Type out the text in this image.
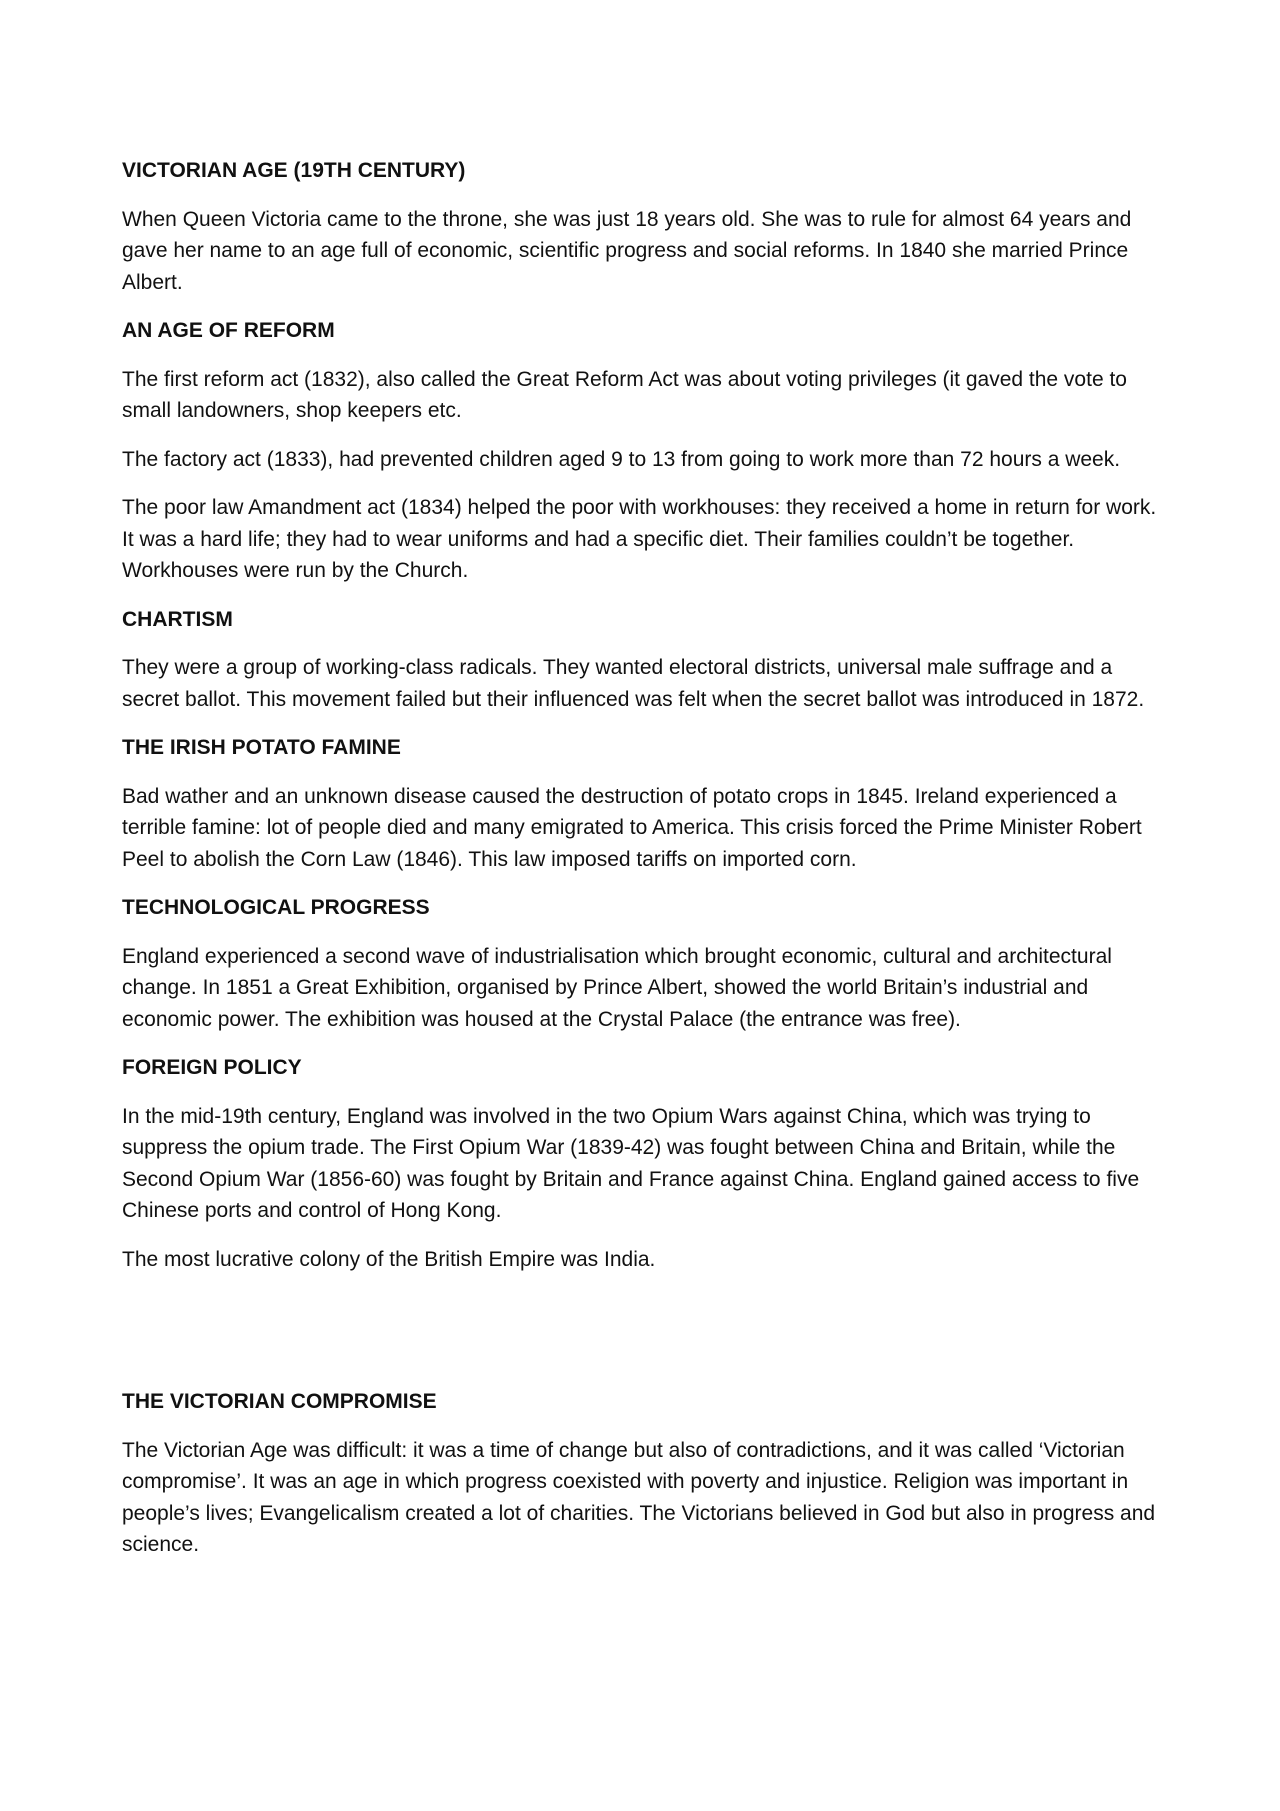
VICTORIAN AGE (19TH CENTURY)
When Queen Victoria came to the throne, she was just 18 years old. She was to rule for almost 64 years and gave her name to an age full of economic, scientific progress and social reforms. In 1840 she married Prince Albert.
AN AGE OF REFORM
The first reform act (1832), also called the Great Reform Act was about voting privileges (it gaved the vote to small landowners, shop keepers etc.
The factory act (1833), had prevented children aged 9 to 13 from going to work more than 72 hours a week.
The poor law Amandment act (1834) helped the poor with workhouses: they received a home in return for work. It was a hard life; they had to wear uniforms and had a specific diet. Their families couldn’t be together. Workhouses were run by the Church.
CHARTISM
They were a group of working-class radicals. They wanted electoral districts, universal male suffrage and a secret ballot. This movement failed but their influenced was felt when the secret ballot was introduced in 1872.
THE IRISH POTATO FAMINE
Bad wather and an unknown disease caused the destruction of potato crops in 1845. Ireland experienced a terrible famine: lot of people died and many emigrated to America. This crisis forced the Prime Minister Robert Peel to abolish the Corn Law (1846). This law imposed tariffs on imported corn.
TECHNOLOGICAL PROGRESS
England experienced a second wave of industrialisation which brought economic, cultural and architectural change. In 1851 a Great Exhibition, organised by Prince Albert, showed the world Britain’s industrial and economic power. The exhibition was housed at the Crystal Palace (the entrance was free).
FOREIGN POLICY
In the mid-19th century, England was involved in the two Opium Wars against China, which was trying to suppress the opium trade. The First Opium War (1839-42) was fought between China and Britain, while the Second Opium War (1856-60) was fought by Britain and France against China. England gained access to five Chinese ports and control of Hong Kong.
The most lucrative colony of the British Empire was India.
THE VICTORIAN COMPROMISE
The Victorian Age was difficult: it was a time of change but also of contradictions, and it was called ‘Victorian compromise’. It was an age in which progress coexisted with poverty and injustice. Religion was important in people’s lives; Evangelicalism created a lot of charities. The Victorians believed in God but also in progress and science.
